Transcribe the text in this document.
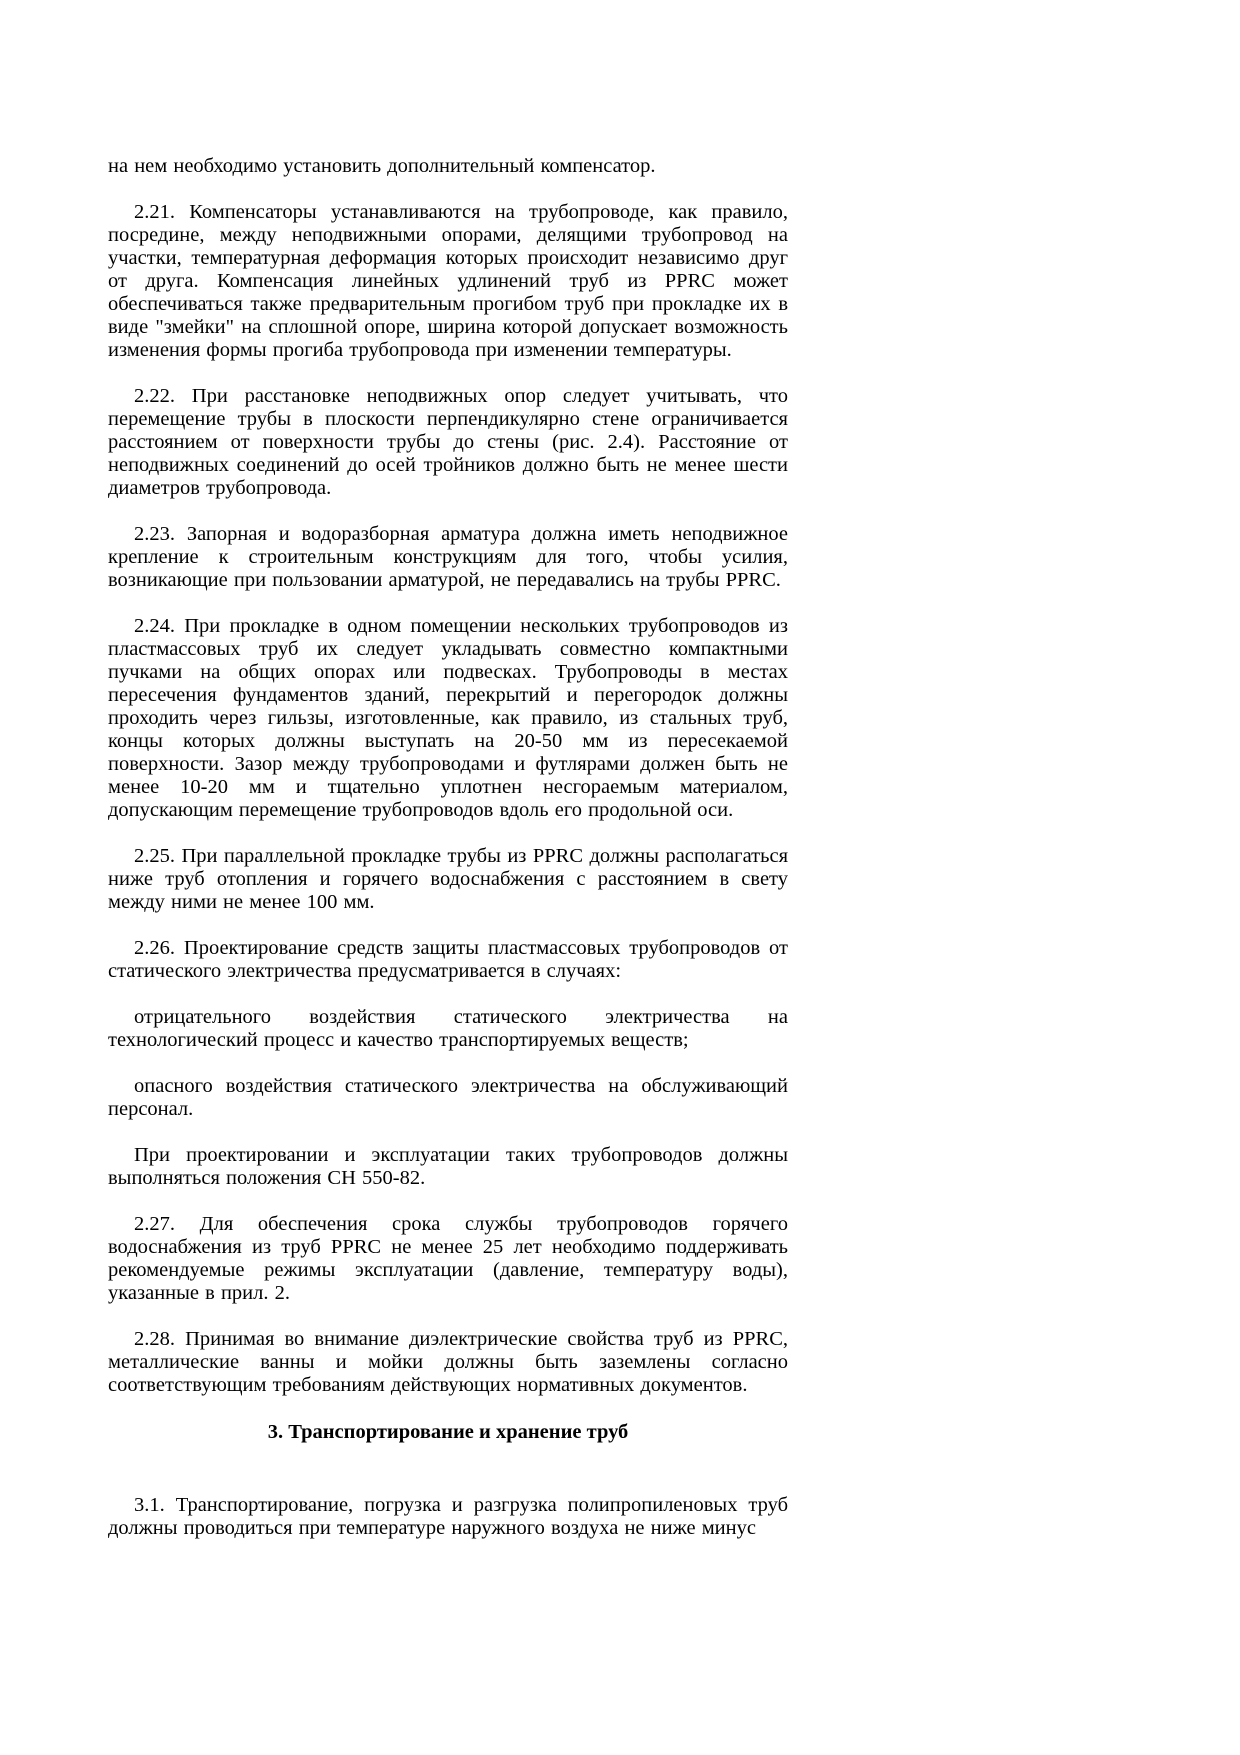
на нем необходимо установить дополнительный компенсатор.

2.21. Компенсаторы устанавливаются на трубопроводе, как правило, посредине, между неподвижными опорами, делящими трубопровод на участки, температурная деформация которых происходит независимо друг от друга. Компенсация линейных удлинений труб из PPRC может обеспечиваться также предварительным прогибом труб при прокладке их в виде "змейки" на сплошной опоре, ширина которой допускает возможность изменения формы прогиба трубопровода при изменении температуры.

2.22. При расстановке неподвижных опор следует учитывать, что перемещение трубы в плоскости перпендикулярно стене ограничивается расстоянием от поверхности трубы до стены (рис. 2.4). Расстояние от неподвижных соединений до осей тройников должно быть не менее шести диаметров трубопровода.

2.23. Запорная и водоразборная арматура должна иметь неподвижное крепление к строительным конструкциям для того, чтобы усилия, возникающие при пользовании арматурой, не передавались на трубы PPRC.

2.24. При прокладке в одном помещении нескольких трубопроводов из пластмассовых труб их следует укладывать совместно компактными пучками на общих опорах или подвесках. Трубопроводы в местах пересечения фундаментов зданий, перекрытий и перегородок должны проходить через гильзы, изготовленные, как правило, из стальных труб, концы которых должны выступать на 20-50 мм из пересекаемой поверхности. Зазор между трубопроводами и футлярами должен быть не менее 10-20 мм и тщательно уплотнен несгораемым материалом, допускающим перемещение трубопроводов вдоль его продольной оси.

2.25. При параллельной прокладке трубы из PPRC должны располагаться ниже труб отопления и горячего водоснабжения с расстоянием в свету между ними не менее 100 мм.

2.26. Проектирование средств защиты пластмассовых трубопроводов от статического электричества предусматривается в случаях:

отрицательного воздействия статического электричества на технологический процесс и качество транспортируемых веществ;

опасного воздействия статического электричества на обслуживающий персонал.

При проектировании и эксплуатации таких трубопроводов должны выполняться положения СН 550-82.

2.27. Для обеспечения срока службы трубопроводов горячего водоснабжения из труб PPRC не менее 25 лет необходимо поддерживать рекомендуемые режимы эксплуатации (давление, температуру воды), указанные в прил. 2.

2.28. Принимая во внимание диэлектрические свойства труб из PPRC, металлические ванны и мойки должны быть заземлены согласно соответствующим требованиям действующих нормативных документов.

3. Транспортирование и хранение труб

3.1. Транспортирование, погрузка и разгрузка полипропиленовых труб должны проводиться при температуре наружного воздуха не ниже минус
